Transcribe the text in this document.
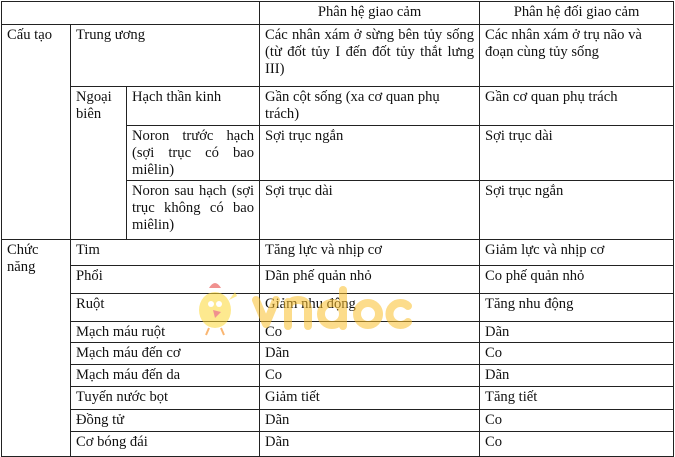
			Phân hệ giao cảm	Phân hệ đối giao cảm
Cấu tạo	Trung ương		Các nhân xám ở sừng bên tủy sống (từ đốt tủy I đến đốt tủy thắt lưng III)	Các nhân xám ở trụ não và đoạn cùng tủy sống
	Ngoại biên	Hạch thần kinh	Gần cột sống (xa cơ quan phụ trách)	Gần cơ quan phụ trách
		Noron trước hạch (sợi trục có bao miêlin)	Sợi trục ngắn	Sợi trục dài
		Noron sau hạch (sợi trục không có bao miêlin)	Sợi trục dài	Sợi trục ngắn
Chức năng	Tim		Tăng lực và nhịp cơ	Giảm lực và nhịp cơ
	Phổi		Dãn phế quản nhỏ	Co phế quản nhỏ
	Ruột		Giảm nhu động	Tăng nhu động
	Mạch máu ruột		Co	Dãn
	Mạch máu đến cơ		Dãn	Co
	Mạch máu đến da		Co	Dãn
	Tuyến nước bọt		Giảm tiết	Tăng tiết
	Đồng tử		Dãn	Co
	Cơ bóng đái		Dãn	Co
